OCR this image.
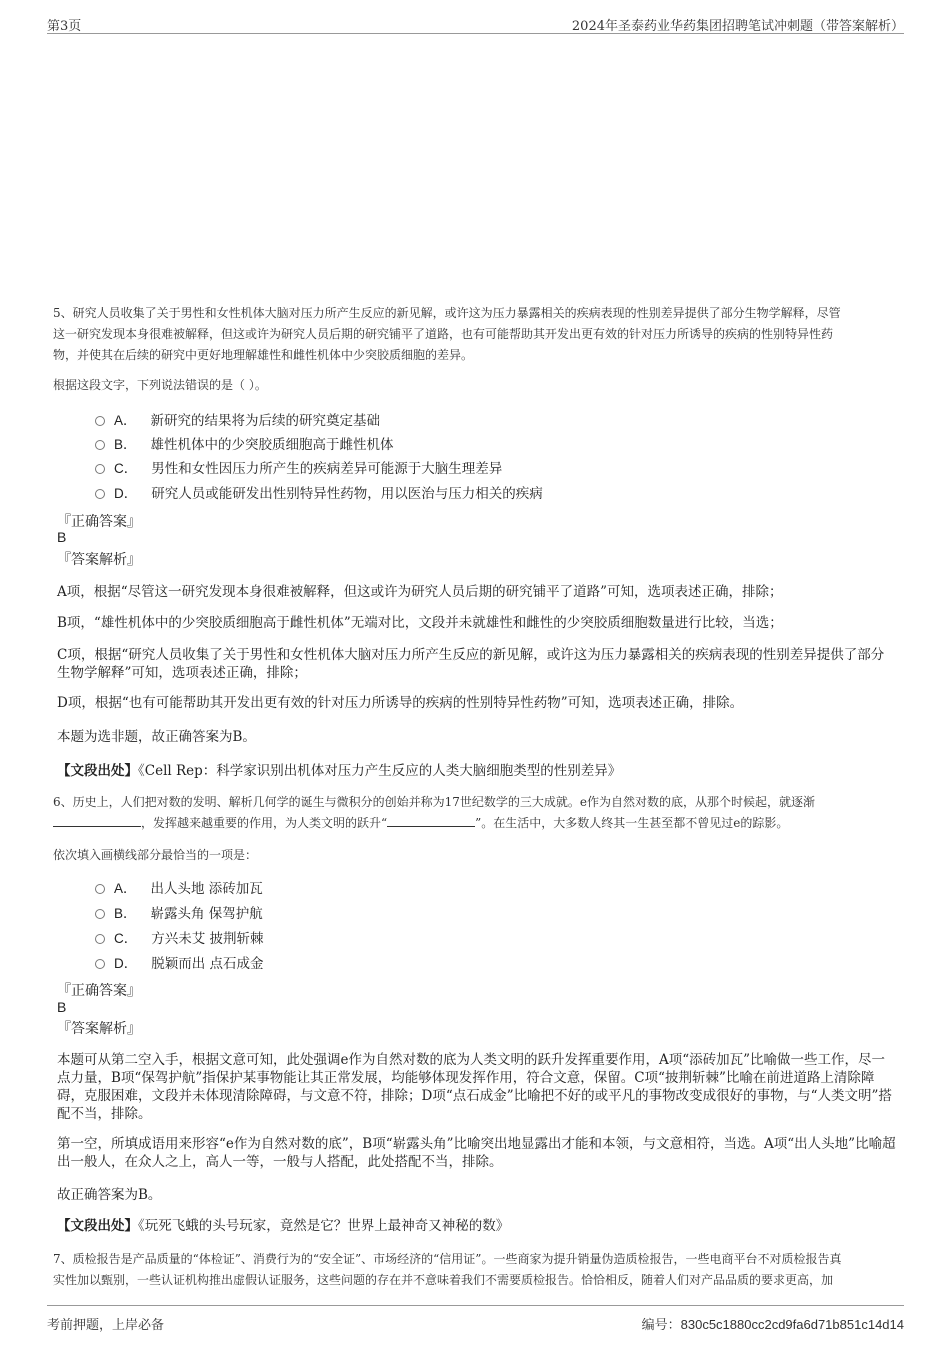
第3页	2024年圣泰药业华药集团招聘笔试冲刺题（带答案解析）
5、研究人员收集了关于男性和女性机体大脑对压力所产生反应的新见解，或许这为压力暴露相关的疾病表现的性别差异提供了部分生物学解释，尽管
这一研究发现本身很难被解释，但这或许为研究人员后期的研究铺平了道路，也有可能帮助其开发出更有效的针对压力所诱导的疾病的性别特异性药
物，并使其在后续的研究中更好地理解雄性和雌性机体中少突胶质细胞的差异。
根据这段文字，下列说法错误的是（ ）。
A． 新研究的结果将为后续的研究奠定基础
B． 雄性机体中的少突胶质细胞高于雌性机体
C． 男性和女性因压力所产生的疾病差异可能源于大脑生理差异
D． 研究人员或能研发出性别特异性药物，用以医治与压力相关的疾病
『正确答案』
B
『答案解析』
A项，根据“尽管这一研究发现本身很难被解释，但这或许为研究人员后期的研究铺平了道路”可知，选项表述正确，排除；
B项，“雄性机体中的少突胶质细胞高于雌性机体”无端对比，文段并未就雄性和雌性的少突胶质细胞数量进行比较，当选；
C项，根据“研究人员收集了关于男性和女性机体大脑对压力所产生反应的新见解，或许这为压力暴露相关的疾病表现的性别差异提供了部分生物学解释”可知，选项表述正确，排除；
D项，根据“也有可能帮助其开发出更有效的针对压力所诱导的疾病的性别特异性药物”可知，选项表述正确，排除。
本题为选非题，故正确答案为B。
【文段出处】《Cell Rep：科学家识别出机体对压力产生反应的人类大脑细胞类型的性别差异》
6、历史上，人们把对数的发明、解析几何学的诞生与微积分的创始并称为17世纪数学的三大成就。e作为自然对数的底，从那个时候起，就逐渐
，发挥越来越重要的作用，为人类文明的跃升“	”。在生活中，大多数人终其一生甚至都不曾见过e的踪影。
依次填入画横线部分最恰当的一项是：
A． 出人头地 添砖加瓦
B． 崭露头角 保驾护航
C． 方兴未艾 披荆斩棘
D． 脱颖而出 点石成金
『正确答案』
B
『答案解析』
本题可从第二空入手，根据文意可知，此处强调e作为自然对数的底为人类文明的跃升发挥重要作用，A项“添砖加瓦”比喻做一些工作，尽一点力量，B项“保驾护航”指保护某事物能让其正常发展，均能够体现发挥作用，符合文意，保留。C项“披荆斩棘”比喻在前进道路上清除障碍，克服困难，文段并未体现清除障碍，与文意不符，排除；D项“点石成金”比喻把不好的或平凡的事物改变成很好的事物，与“人类文明”搭配不当，排除。
第一空，所填成语用来形容“e作为自然对数的底”，B项“崭露头角”比喻突出地显露出才能和本领，与文意相符，当选。A项“出人头地”比喻超出一般人，在众人之上，高人一等，一般与人搭配，此处搭配不当，排除。
故正确答案为B。
【文段出处】《玩死飞蛾的头号玩家，竟然是它？世界上最神奇又神秘的数》
7、质检报告是产品质量的“体检证”、消费行为的“安全证”、市场经济的“信用证”。一些商家为提升销量伪造质检报告，一些电商平台不对质检报告真
实性加以甄别，一些认证机构推出虚假认证服务，这些问题的存在并不意味着我们不需要质检报告。恰恰相反，随着人们对产品品质的要求更高，加
考前押题，上岸必备	编号：830c5c1880cc2cd9fa6d71b851c14d14
